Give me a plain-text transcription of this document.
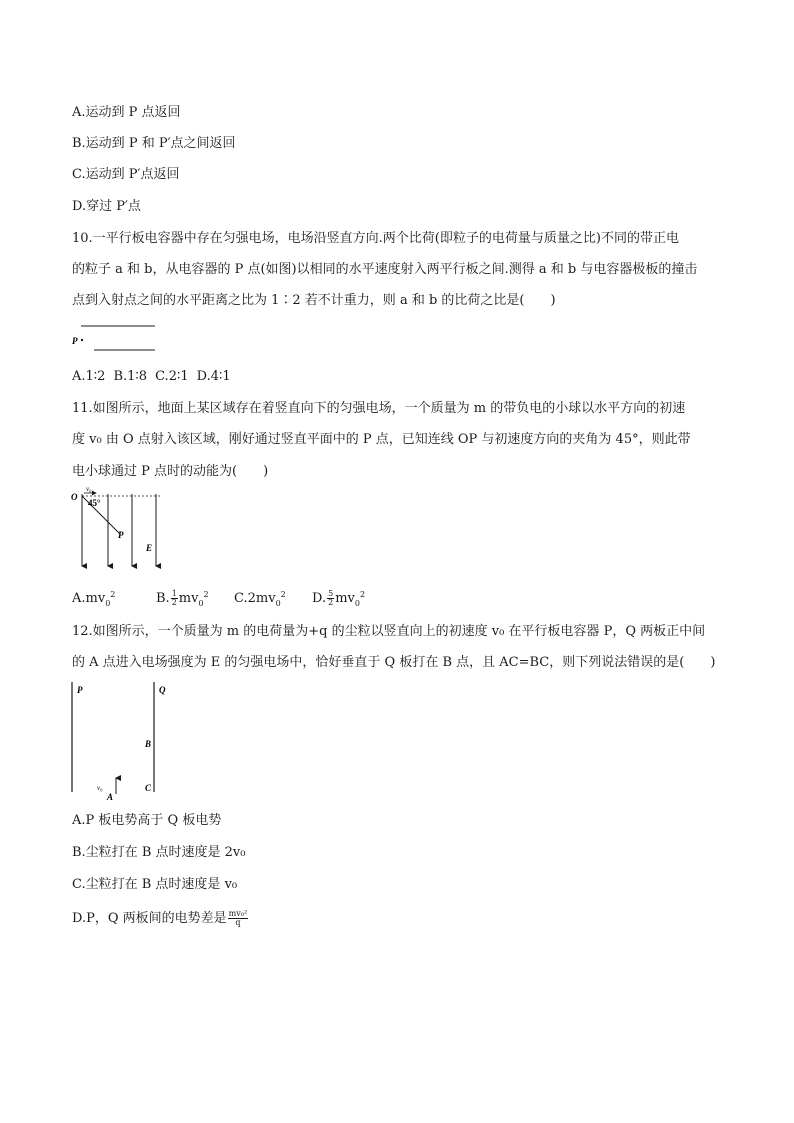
A.运动到 P 点返回
B.运动到 P 和 P′点之间返回
C.运动到 P′点返回
D.穿过 P′点
10.一平行板电容器中存在匀强电场，电场沿竖直方向.两个比荷(即粒子的电荷量与质量之比)不同的带正电
的粒子 a 和 b，从电容器的 P 点(如图)以相同的水平速度射入两平行板之间.测得 a 和 b 与电容器极板的撞击
点到入射点之间的水平距离之比为 1∶2 若不计重力，则 a 和 b 的比荷之比是(　　)
P
A.1∶2 B.1∶8 C.2∶1 D.4∶1
11.如图所示，地面上某区域存在着竖直向下的匀强电场，一个质量为 m 的带负电的小球以水平方向的初速
度 v₀ 由 O 点射入该区域，刚好通过竖直平面中的 P 点，已知连线 OP 与初速度方向的夹角为 45°，则此带
电小球通过 P 点时的动能为(　　)
O
v₀
45°
P
E
$A.mv_0^2$	B. $\frac{1}{2} mv_0^2$ $C.2mv_0^2$ D. $\frac{5}{2} mv_0^2$
12.如图所示，一个质量为 m 的电荷量为+q 的尘粒以竖直向上的初速度 v₀ 在平行板电容器 P，Q 两板正中间
的 A 点进入电场强度为 E 的匀强电场中，恰好垂直于 Q 板打在 B 点，且 AC=BC，则下列说法错误的是(　　)
P	Q
B
C
v₀
A
A.P 板电势高于 Q 板电势
B.尘粒打在 B 点时速度是 2v₀
C.尘粒打在 B 点时速度是 v₀
D.P，Q 两板间的电势差是 $\frac{\text{mv₀²}}{q}$
